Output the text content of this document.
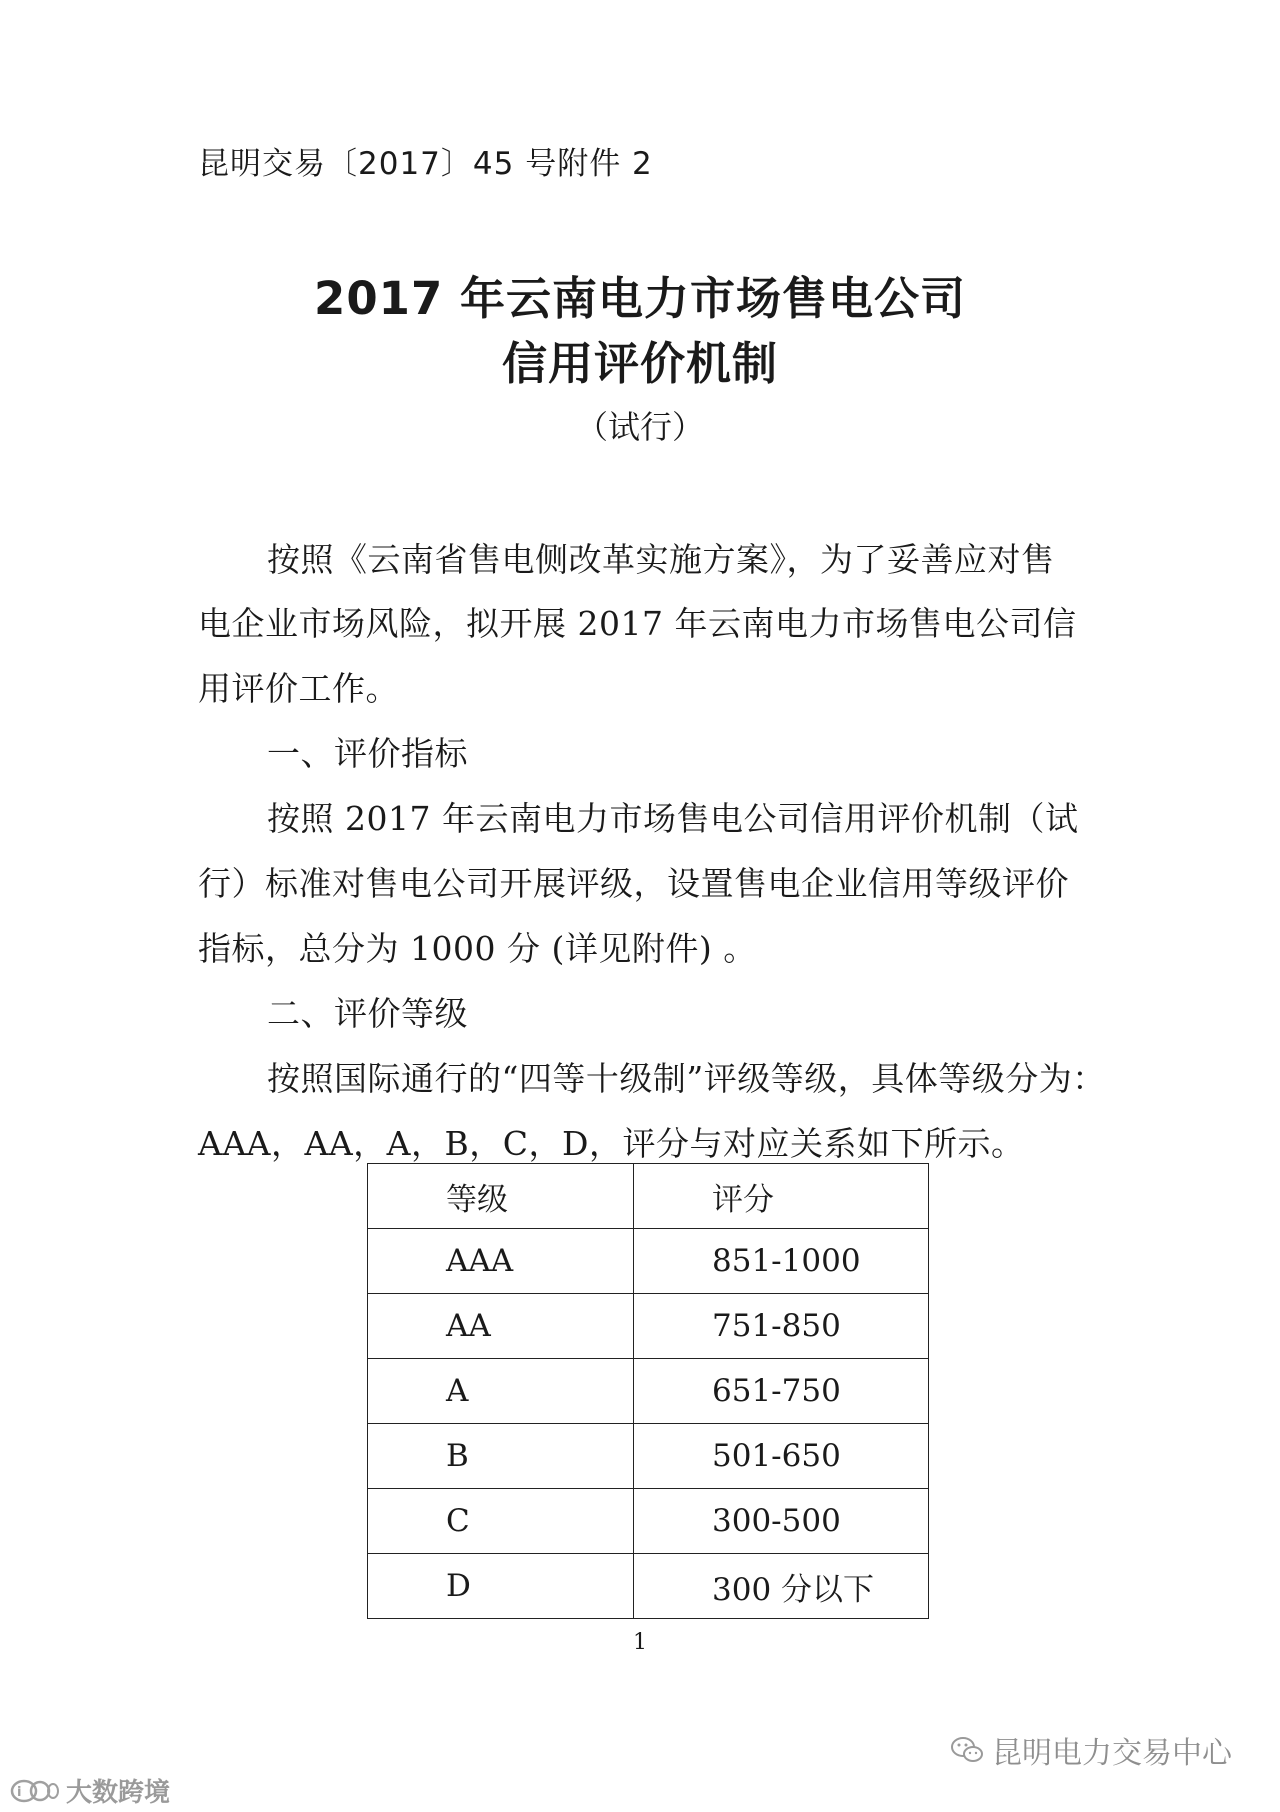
昆明交易〔2017〕45 号附件 2
2017 年云南电力市场售电公司
信用评价机制
（试行）
按照《云南省售电侧改革实施方案》，为了妥善应对售
电企业市场风险，拟开展 2017 年云南电力市场售电公司信
用评价工作。
一、评价指标
按照 2017 年云南电力市场售电公司信用评价机制（试
行）标准对售电公司开展评级，设置售电企业信用等级评价
指标，总分为 1000 分 (详见附件) 。
二、评价等级
按照国际通行的“四等十级制”评级等级，具体等级分为：
AAA，AA，A，B，C，D，评分与对应关系如下所示。
等级	评分
AAA	851-1000
AA	751-850
A	651-750
B	501-650
C	300-500
D	300 分以下
1
i 大数跨境
昆明电力交易中心
